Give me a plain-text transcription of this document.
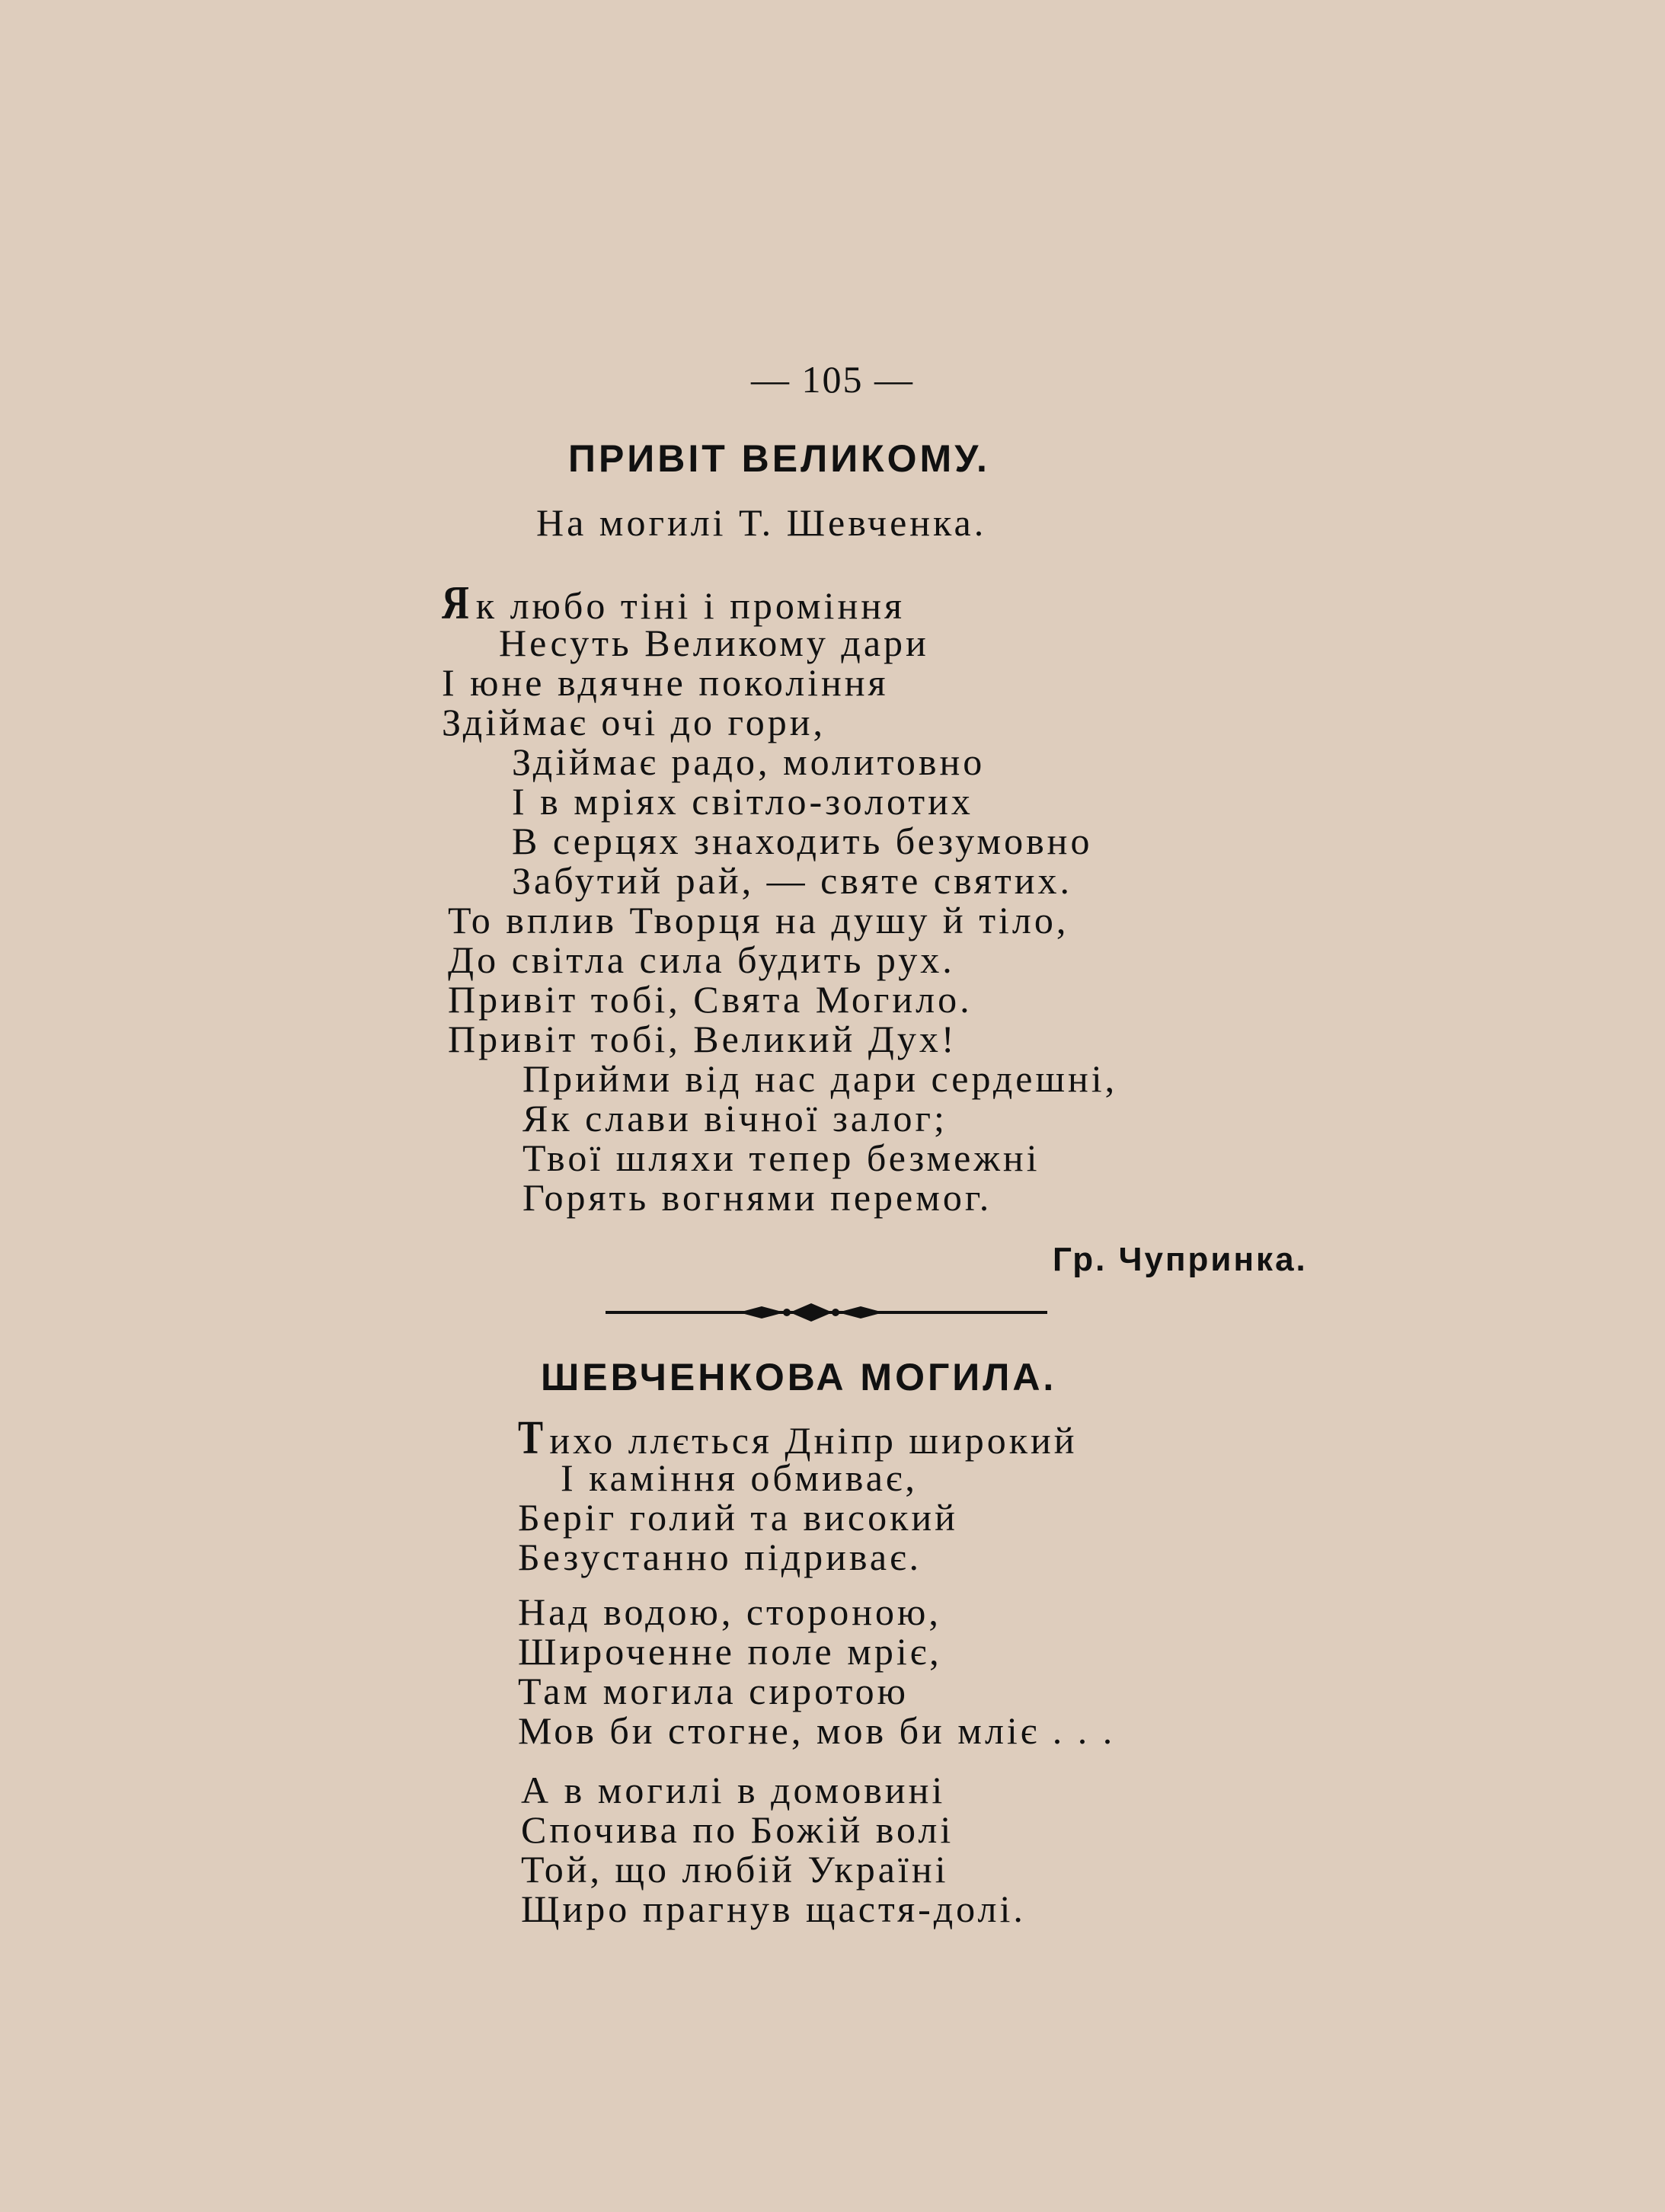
— 105 —
ПРИВІТ ВЕЛИКОМУ.
На могилі Т. Шевченка.
Я к любо тіні і проміння
Несуть Великому дари
І юне вдячне покоління
Здіймає очі до гори,
Здіймає радо, молитовно
І в мріях світло-золотих
В серцях знаходить безумовно
Забутий рай, — святе святих.
То вплив Творця на душу й тіло,
До світла сила будить рух.
Привіт тобі, Свята Могило.
Привіт тобі, Великий Дух!
Прийми від нас дари сердешні,
Як слави вічної залог;
Твої шляхи тепер безмежні
Горять вогнями перемог.
Гр. Чупринка.
ШЕВЧЕНКОВА МОГИЛА.
Т ихо ллється Дніпр широкий
І каміння обмиває,
Беріг голий та високий
Безустанно підриває.
Над водою, стороною,
Широченне поле мріє,
Там могила сиротою
Мов би стогне, мов би мліє . . .
А в могилі в домовині
Спочива по Божій волі
Той, що любій Україні
Щиро прагнув щастя-долі.
